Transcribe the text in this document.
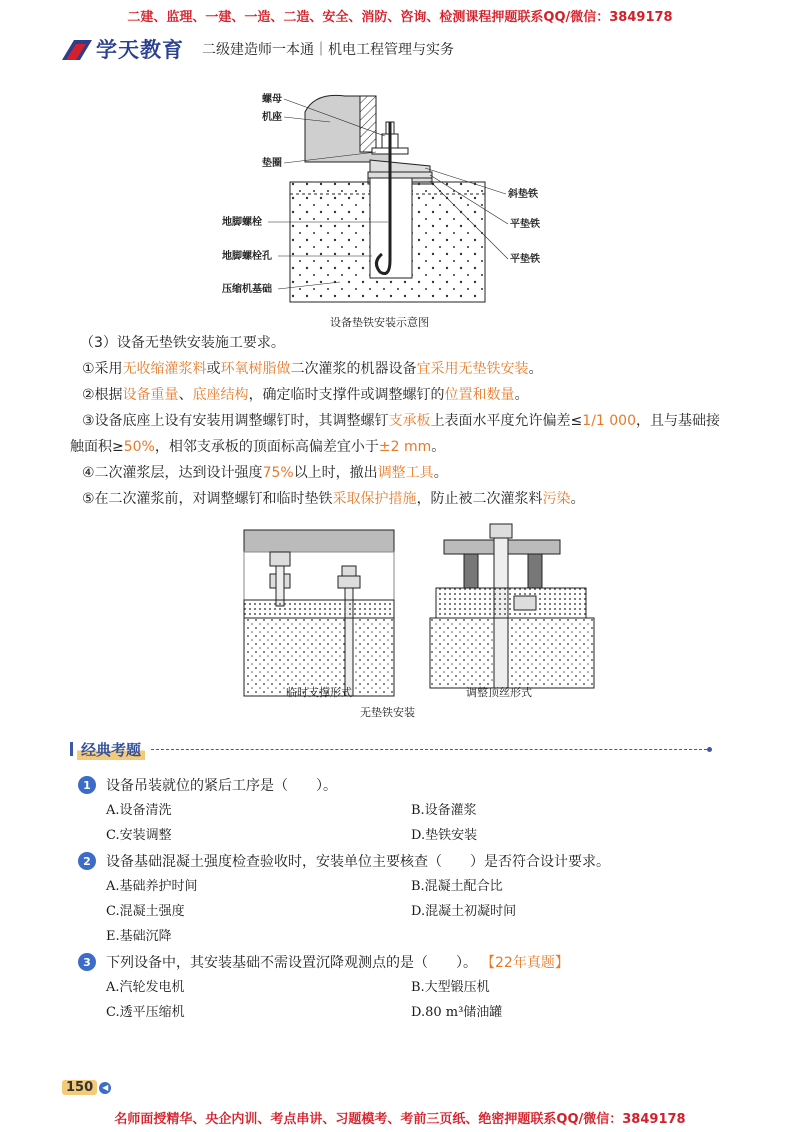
二建、监理、一建、一造、二造、安全、消防、咨询、检测课程押题联系QQ/微信：3849178
学天教育 二级建造师一本通｜机电工程管理与实务
螺母
机座
垫圈
地脚螺栓
地脚螺栓孔
压缩机基础
斜垫铁
平垫铁
平垫铁
设备垫铁安装示意图
（3）设备无垫铁安装施工要求。
①采用无收缩灌浆料或环氧树脂做二次灌浆的机器设备宜采用无垫铁安装。
②根据设备重量、底座结构，确定临时支撑件或调整螺钉的位置和数量。
③设备底座上设有安装用调整螺钉时，其调整螺钉支承板上表面水平度允许偏差≤1/1 000，且与基础接触面积≥50%，相邻支承板的顶面标高偏差宜小于±2 mm。
④二次灌浆层，达到设计强度75%以上时，撤出调整工具。
⑤在二次灌浆前，对调整螺钉和临时垫铁采取保护措施，防止被二次灌浆料污染。
临时支撑形式	调整顶丝形式
无垫铁安装
经典考题
1	设备吊装就位的紧后工序是（　　）。
A.设备清洗	B.设备灌浆
C.安装调整	D.垫铁安装
2	设备基础混凝土强度检查验收时，安装单位主要核查（　　）是否符合设计要求。
A.基础养护时间	B.混凝土配合比
C.混凝土强度	D.混凝土初凝时间
E.基础沉降
3	下列设备中，其安装基础不需设置沉降观测点的是（　　）。 【22年真题】
A.汽轮发电机	B.大型锻压机
C.透平压缩机	D.80 m³储油罐
150	◀
名师面授精华、央企内训、考点串讲、习题模考、考前三页纸、绝密押题联系QQ/微信：3849178
